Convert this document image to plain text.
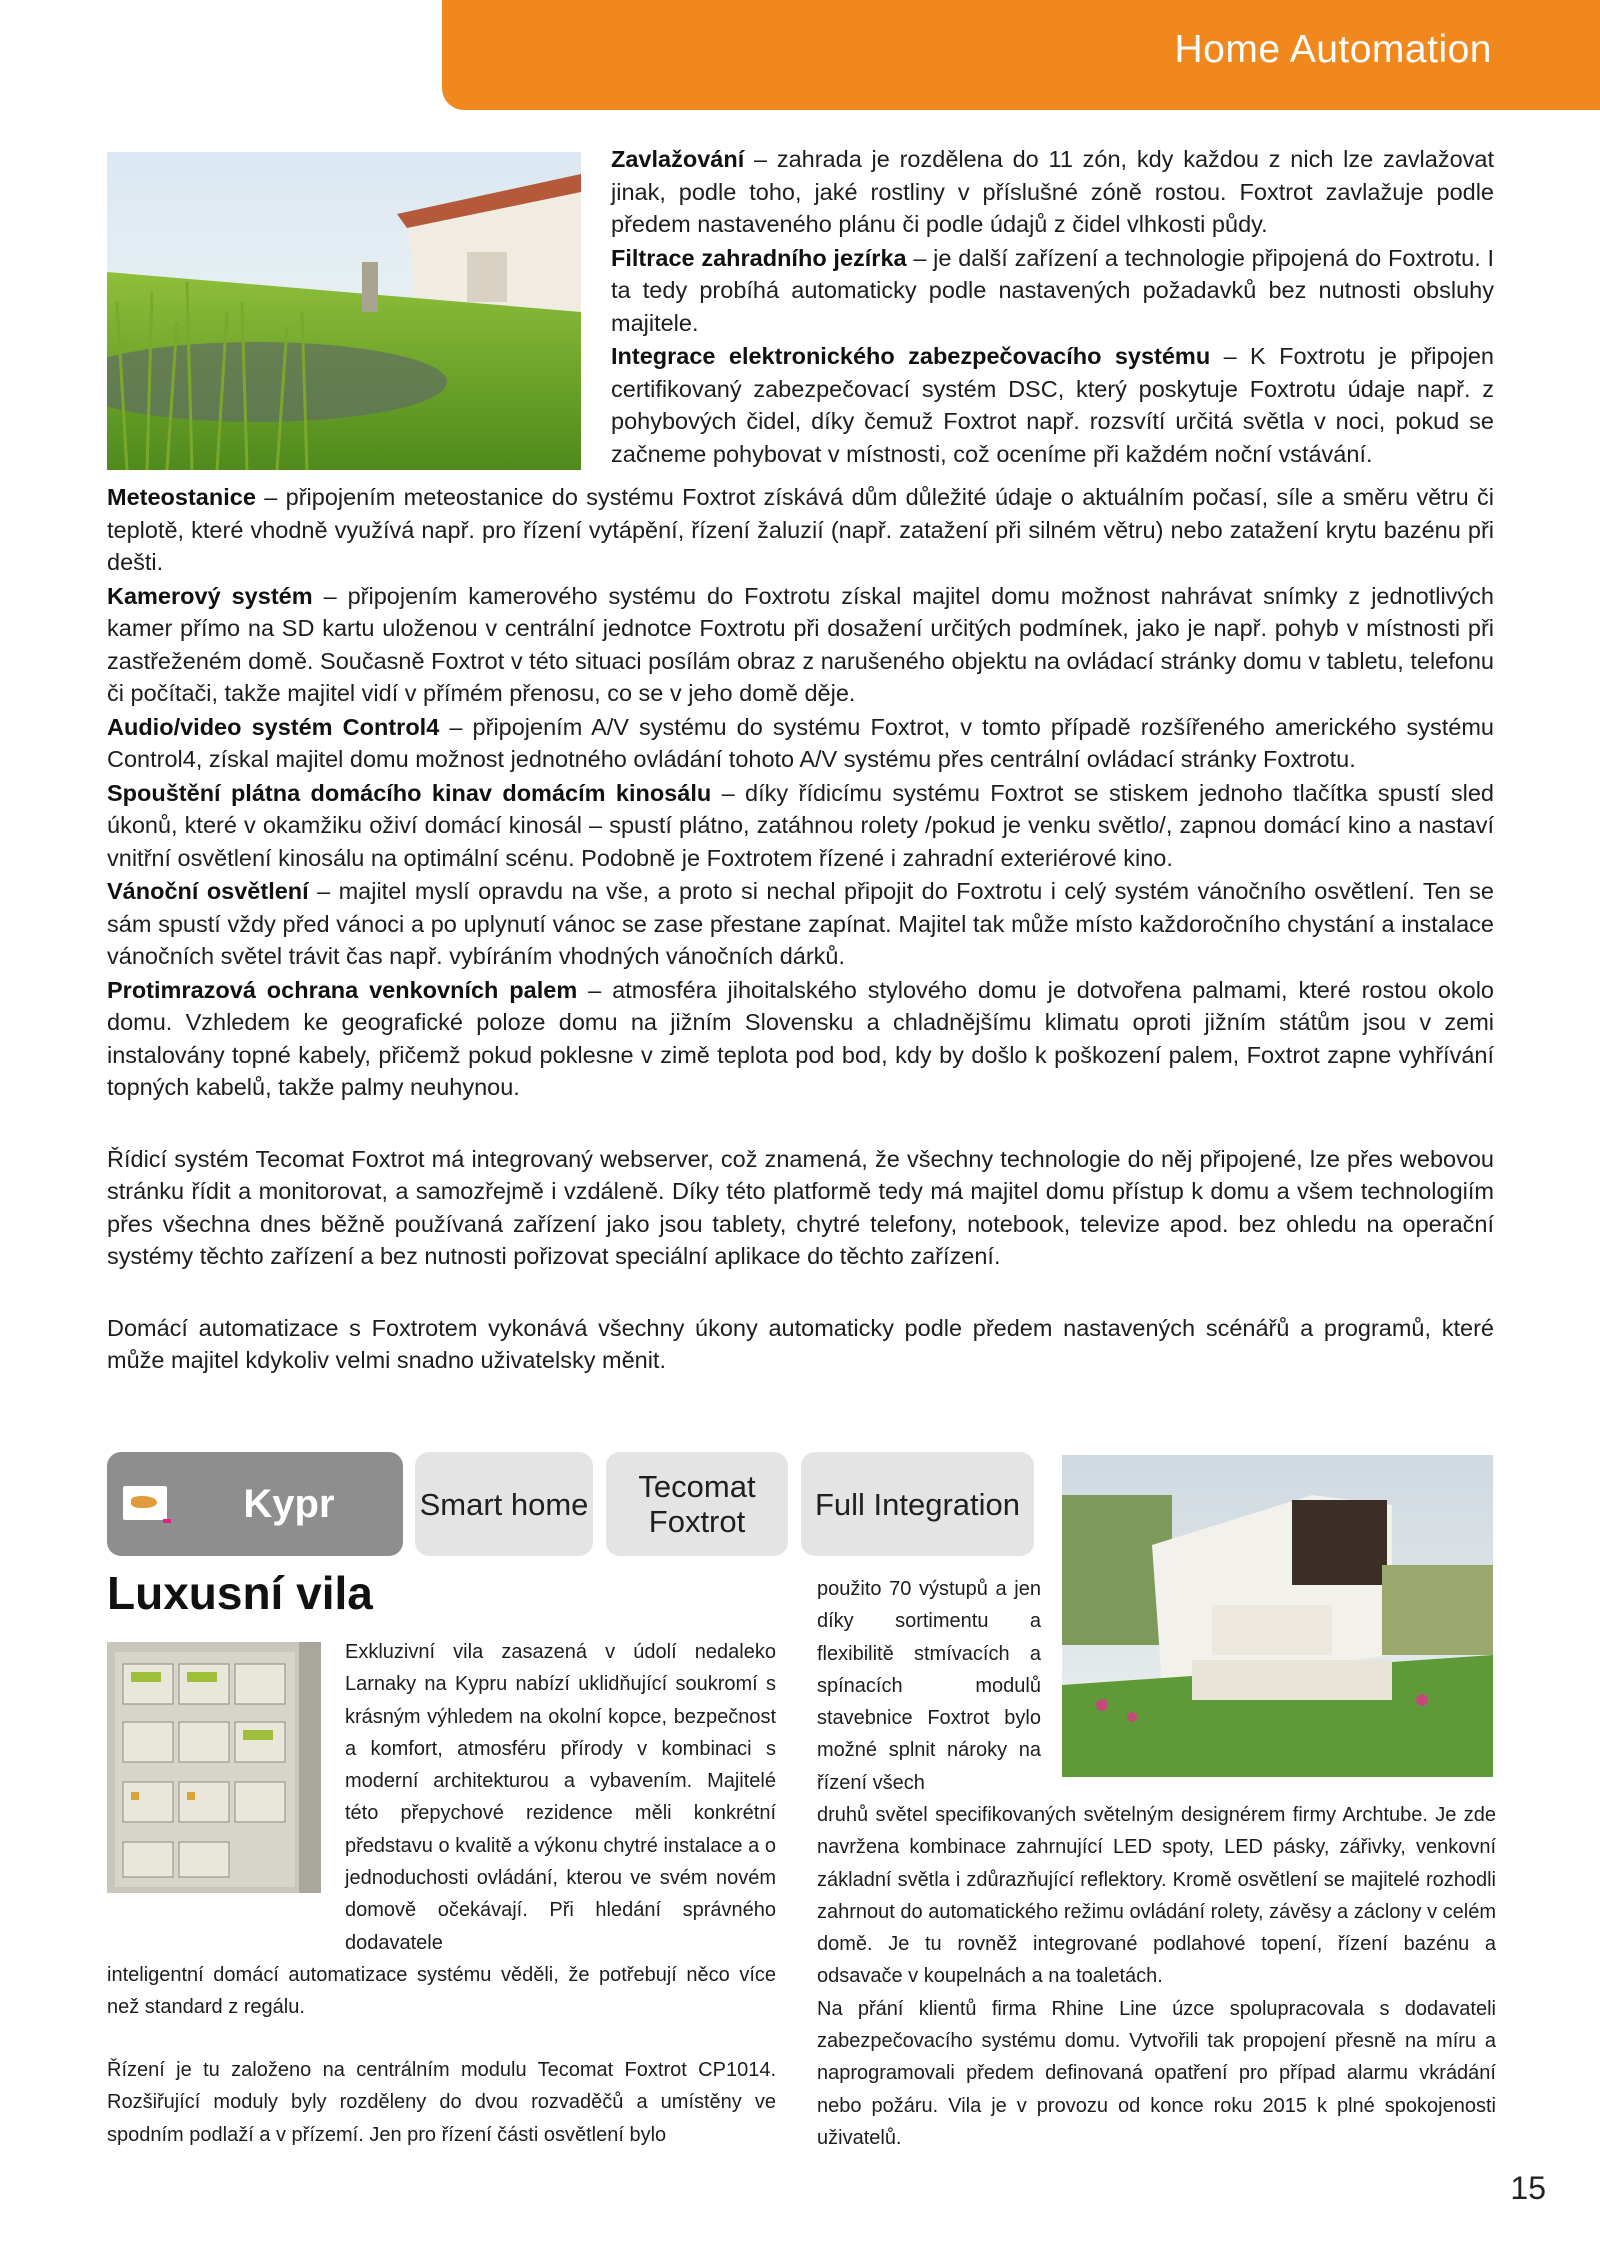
Home Automation

Zavlažování – zahrada je rozdělena do 11 zón, kdy každou z nich lze zavlažovat jinak, podle toho, jaké rostliny v příslušné zóně rostou. Foxtrot zavlažuje podle předem nastaveného plánu či podle údajů z čidel vlhkosti půdy.

Filtrace zahradního jezírka – je další zařízení a technologie připojená do Foxtrotu. I ta tedy probíhá automaticky podle nastavených požadavků bez nutnosti obsluhy majitele.

Integrace elektronického zabezpečovacího systému – K Foxtrotu je připojen certifikovaný zabezpečovací systém DSC, který poskytuje Foxtrotu údaje např. z pohybových čidel, díky čemuž Foxtrot např. rozsvítí určitá světla v noci, pokud se začneme pohybovat v místnosti, což oceníme při každém noční vstávání.

Meteostanice – připojením meteostanice do systému Foxtrot získává dům důležité údaje o aktuálním počasí, síle a směru větru či teplotě, které vhodně využívá např. pro řízení vytápění, řízení žaluzií (např. zatažení při silném větru) nebo zatažení krytu bazénu při dešti.

Kamerový systém – připojením kamerového systému do Foxtrotu získal majitel domu možnost nahrávat snímky z jednotlivých kamer přímo na SD kartu uloženou v centrální jednotce Foxtrotu při dosažení určitých podmínek, jako je např. pohyb v místnosti při zastřeženém domě. Současně Foxtrot v této situaci posílám obraz z narušeného objektu na ovládací stránky domu v tabletu, telefonu či počítači, takže majitel vidí v přímém přenosu, co se v jeho domě děje.

Audio/video systém Control4 – připojením A/V systému do systému Foxtrot, v tomto případě rozšířeného amerického systému Control4, získal majitel domu možnost jednotného ovládání tohoto A/V systému přes centrální ovládací stránky Foxtrotu.

Spouštění plátna domácího kinav domácím kinosálu – díky řídicímu systému Foxtrot se stiskem jednoho tlačítka spustí sled úkonů, které v okamžiku oživí domácí kinosál – spustí plátno, zatáhnou rolety /pokud je venku světlo/, zapnou domácí kino a nastaví vnitřní osvětlení kinosálu na optimální scénu. Podobně je Foxtrotem řízené i zahradní exteriérové kino.

Vánoční osvětlení – majitel myslí opravdu na vše, a proto si nechal připojit do Foxtrotu i celý systém vánočního osvětlení. Ten se sám spustí vždy před vánoci a po uplynutí vánoc se zase přestane zapínat. Majitel tak může místo každoročního chystání a instalace vánočních světel trávit čas např. vybíráním vhodných vánočních dárků.

Protimrazová ochrana venkovních palem – atmosféra jihoitalského stylového domu je dotvořena palmami, které rostou okolo domu. Vzhledem ke geografické poloze domu na jižním Slovensku a chladnějšímu klimatu oproti jižním státům jsou v zemi instalovány topné kabely, přičemž pokud poklesne v zimě teplota pod bod, kdy by došlo k poškození palem, Foxtrot zapne vyhřívání topných kabelů, takže palmy neuhynou.

Řídicí systém Tecomat Foxtrot má integrovaný webserver, což znamená, že všechny technologie do něj připojené, lze přes webovou stránku řídit a monitorovat, a samozřejmě i vzdáleně. Díky této platformě tedy má majitel domu přístup k domu a všem technologiím přes všechna dnes běžně používaná zařízení jako jsou tablety, chytré telefony, notebook, televize apod. bez ohledu na operační systémy těchto zařízení a bez nutnosti pořizovat speciální aplikace do těchto zařízení.

Domácí automatizace s Foxtrotem vykonává všechny úkony automaticky podle předem nastavených scénářů a programů, které může majitel kdykoliv velmi snadno uživatelsky měnit.

Kypr	Smart home	Tecomat Foxtrot	Full Integration
Luxusní vila

Exkluzivní vila zasazená v údolí nedaleko Larnaky na Kypru nabízí uklidňující soukromí s krásným výhledem na okolní kopce, bezpečnost a komfort, atmosféru přírody v kombinaci s moderní architekturou a vybavením. Majitelé této přepychové rezidence měli konkrétní představu o kvalitě a výkonu chytré instalace a o jednoduchosti ovládání, kterou ve svém novém domově očekávají. Při hledání správného dodavatele

inteligentní domácí automatizace systému věděli, že potřebují něco více než standard z regálu.

Řízení je tu založeno na centrálním modulu Tecomat Foxtrot CP1014. Rozšiřující moduly byly rozděleny do dvou rozvaděčů a umístěny ve spodním podlaží a v přízemí. Jen pro řízení části osvětlení bylo

použito 70 výstupů a jen díky sortimentu a flexibilitě stmívacích a spínacích modulů stavebnice Foxtrot bylo možné splnit nároky na řízení všech

druhů světel specifikovaných světelným designérem firmy Archtube. Je zde navržena kombinace zahrnující LED spoty, LED pásky, zářivky, venkovní základní světla i zdůrazňující reflektory. Kromě osvětlení se majitelé rozhodli zahrnout do automatického režimu ovládání rolety, závěsy a záclony v celém domě. Je tu rovněž integrované podlahové topení, řízení bazénu a odsavače v koupelnách a na toaletách.

Na přání klientů firma Rhine Line úzce spolupracovala s dodavateli zabezpečovacího systému domu. Vytvořili tak propojení přesně na míru a naprogramovali předem definovaná opatření pro případ alarmu vkrádání nebo požáru. Vila je v provozu od konce roku 2015 k plné spokojenosti uživatelů.

15
